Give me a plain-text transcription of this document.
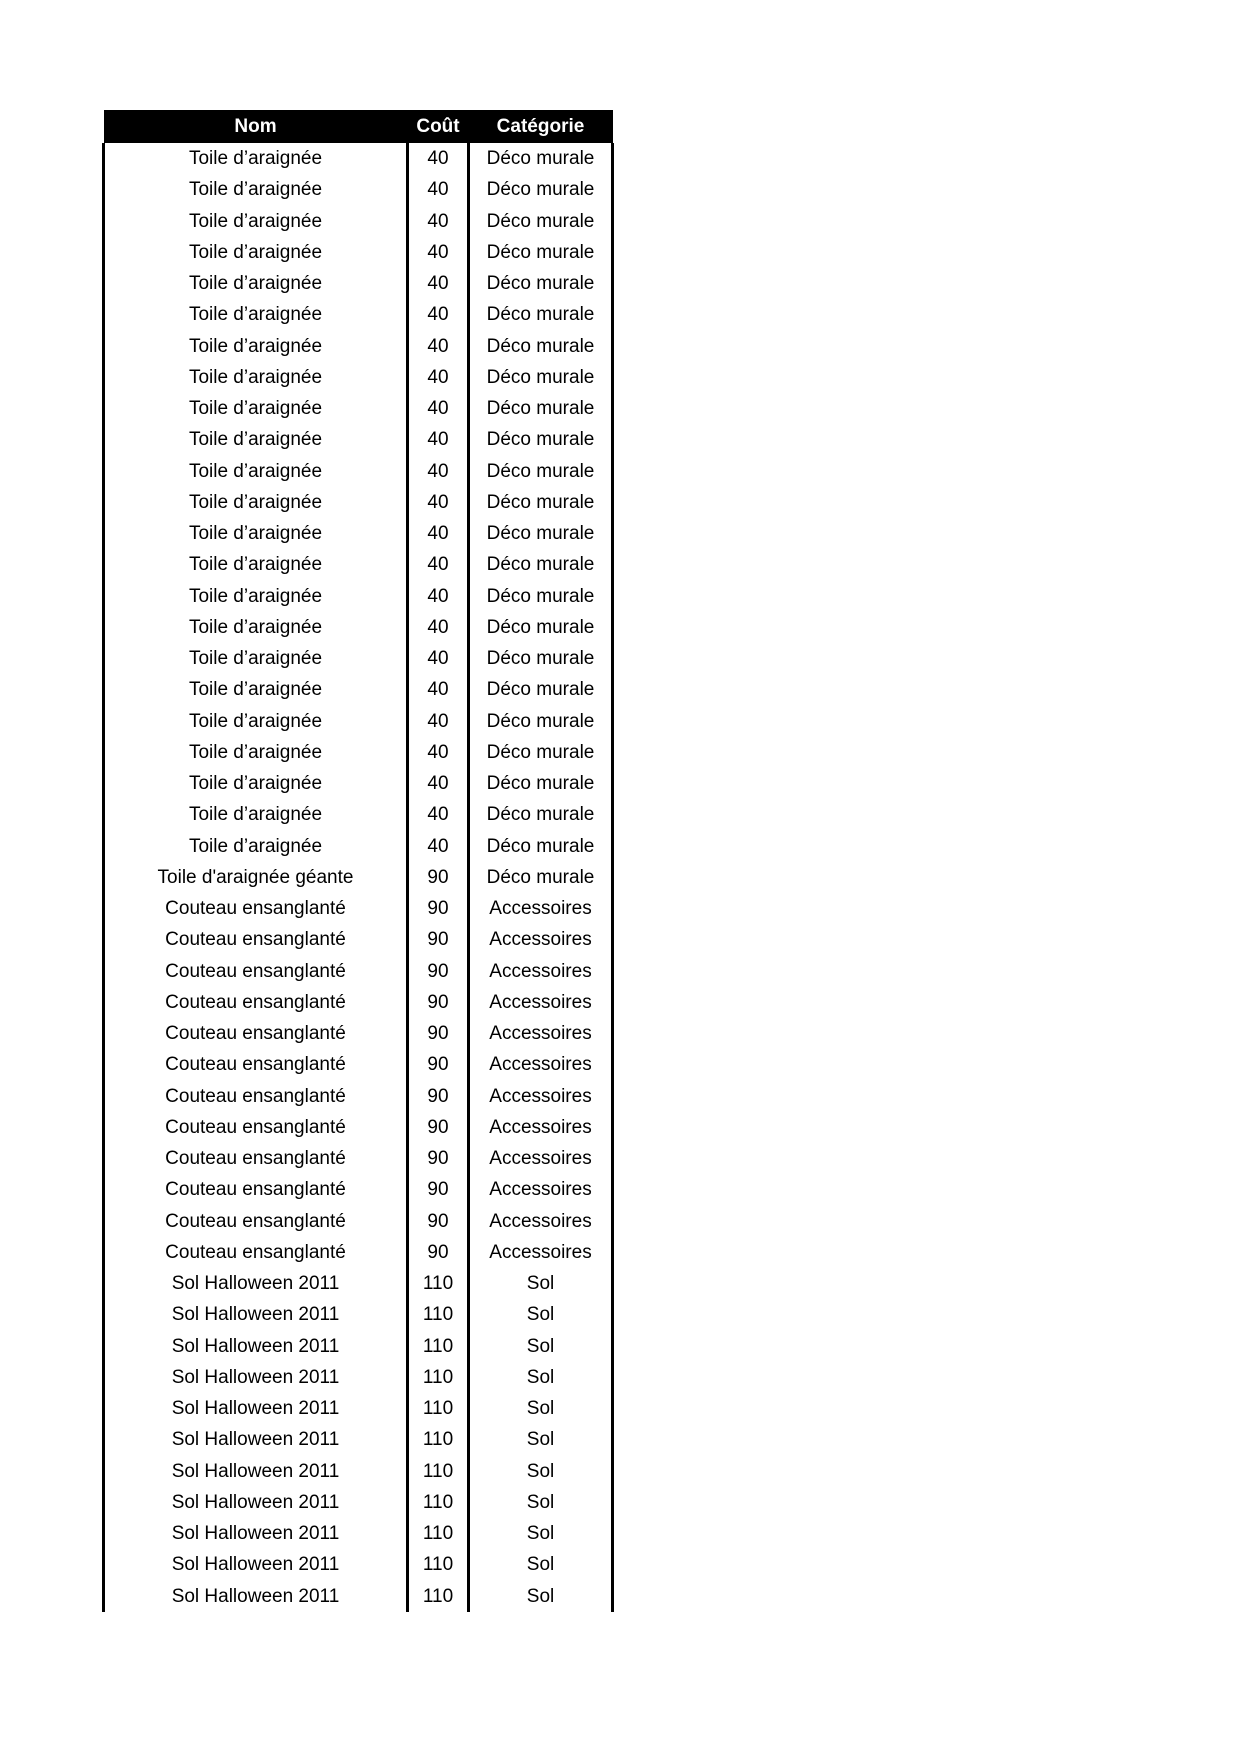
Nom	Coût	Catégorie
Toile d’araignée	40	Déco murale
Toile d’araignée	40	Déco murale
Toile d’araignée	40	Déco murale
Toile d’araignée	40	Déco murale
Toile d’araignée	40	Déco murale
Toile d’araignée	40	Déco murale
Toile d’araignée	40	Déco murale
Toile d’araignée	40	Déco murale
Toile d’araignée	40	Déco murale
Toile d’araignée	40	Déco murale
Toile d’araignée	40	Déco murale
Toile d’araignée	40	Déco murale
Toile d’araignée	40	Déco murale
Toile d’araignée	40	Déco murale
Toile d’araignée	40	Déco murale
Toile d’araignée	40	Déco murale
Toile d’araignée	40	Déco murale
Toile d’araignée	40	Déco murale
Toile d’araignée	40	Déco murale
Toile d’araignée	40	Déco murale
Toile d’araignée	40	Déco murale
Toile d’araignée	40	Déco murale
Toile d’araignée	40	Déco murale
Toile d'araignée géante	90	Déco murale
Couteau ensanglanté	90	Accessoires
Couteau ensanglanté	90	Accessoires
Couteau ensanglanté	90	Accessoires
Couteau ensanglanté	90	Accessoires
Couteau ensanglanté	90	Accessoires
Couteau ensanglanté	90	Accessoires
Couteau ensanglanté	90	Accessoires
Couteau ensanglanté	90	Accessoires
Couteau ensanglanté	90	Accessoires
Couteau ensanglanté	90	Accessoires
Couteau ensanglanté	90	Accessoires
Couteau ensanglanté	90	Accessoires
Sol Halloween 2011	110	Sol
Sol Halloween 2011	110	Sol
Sol Halloween 2011	110	Sol
Sol Halloween 2011	110	Sol
Sol Halloween 2011	110	Sol
Sol Halloween 2011	110	Sol
Sol Halloween 2011	110	Sol
Sol Halloween 2011	110	Sol
Sol Halloween 2011	110	Sol
Sol Halloween 2011	110	Sol
Sol Halloween 2011	110	Sol
